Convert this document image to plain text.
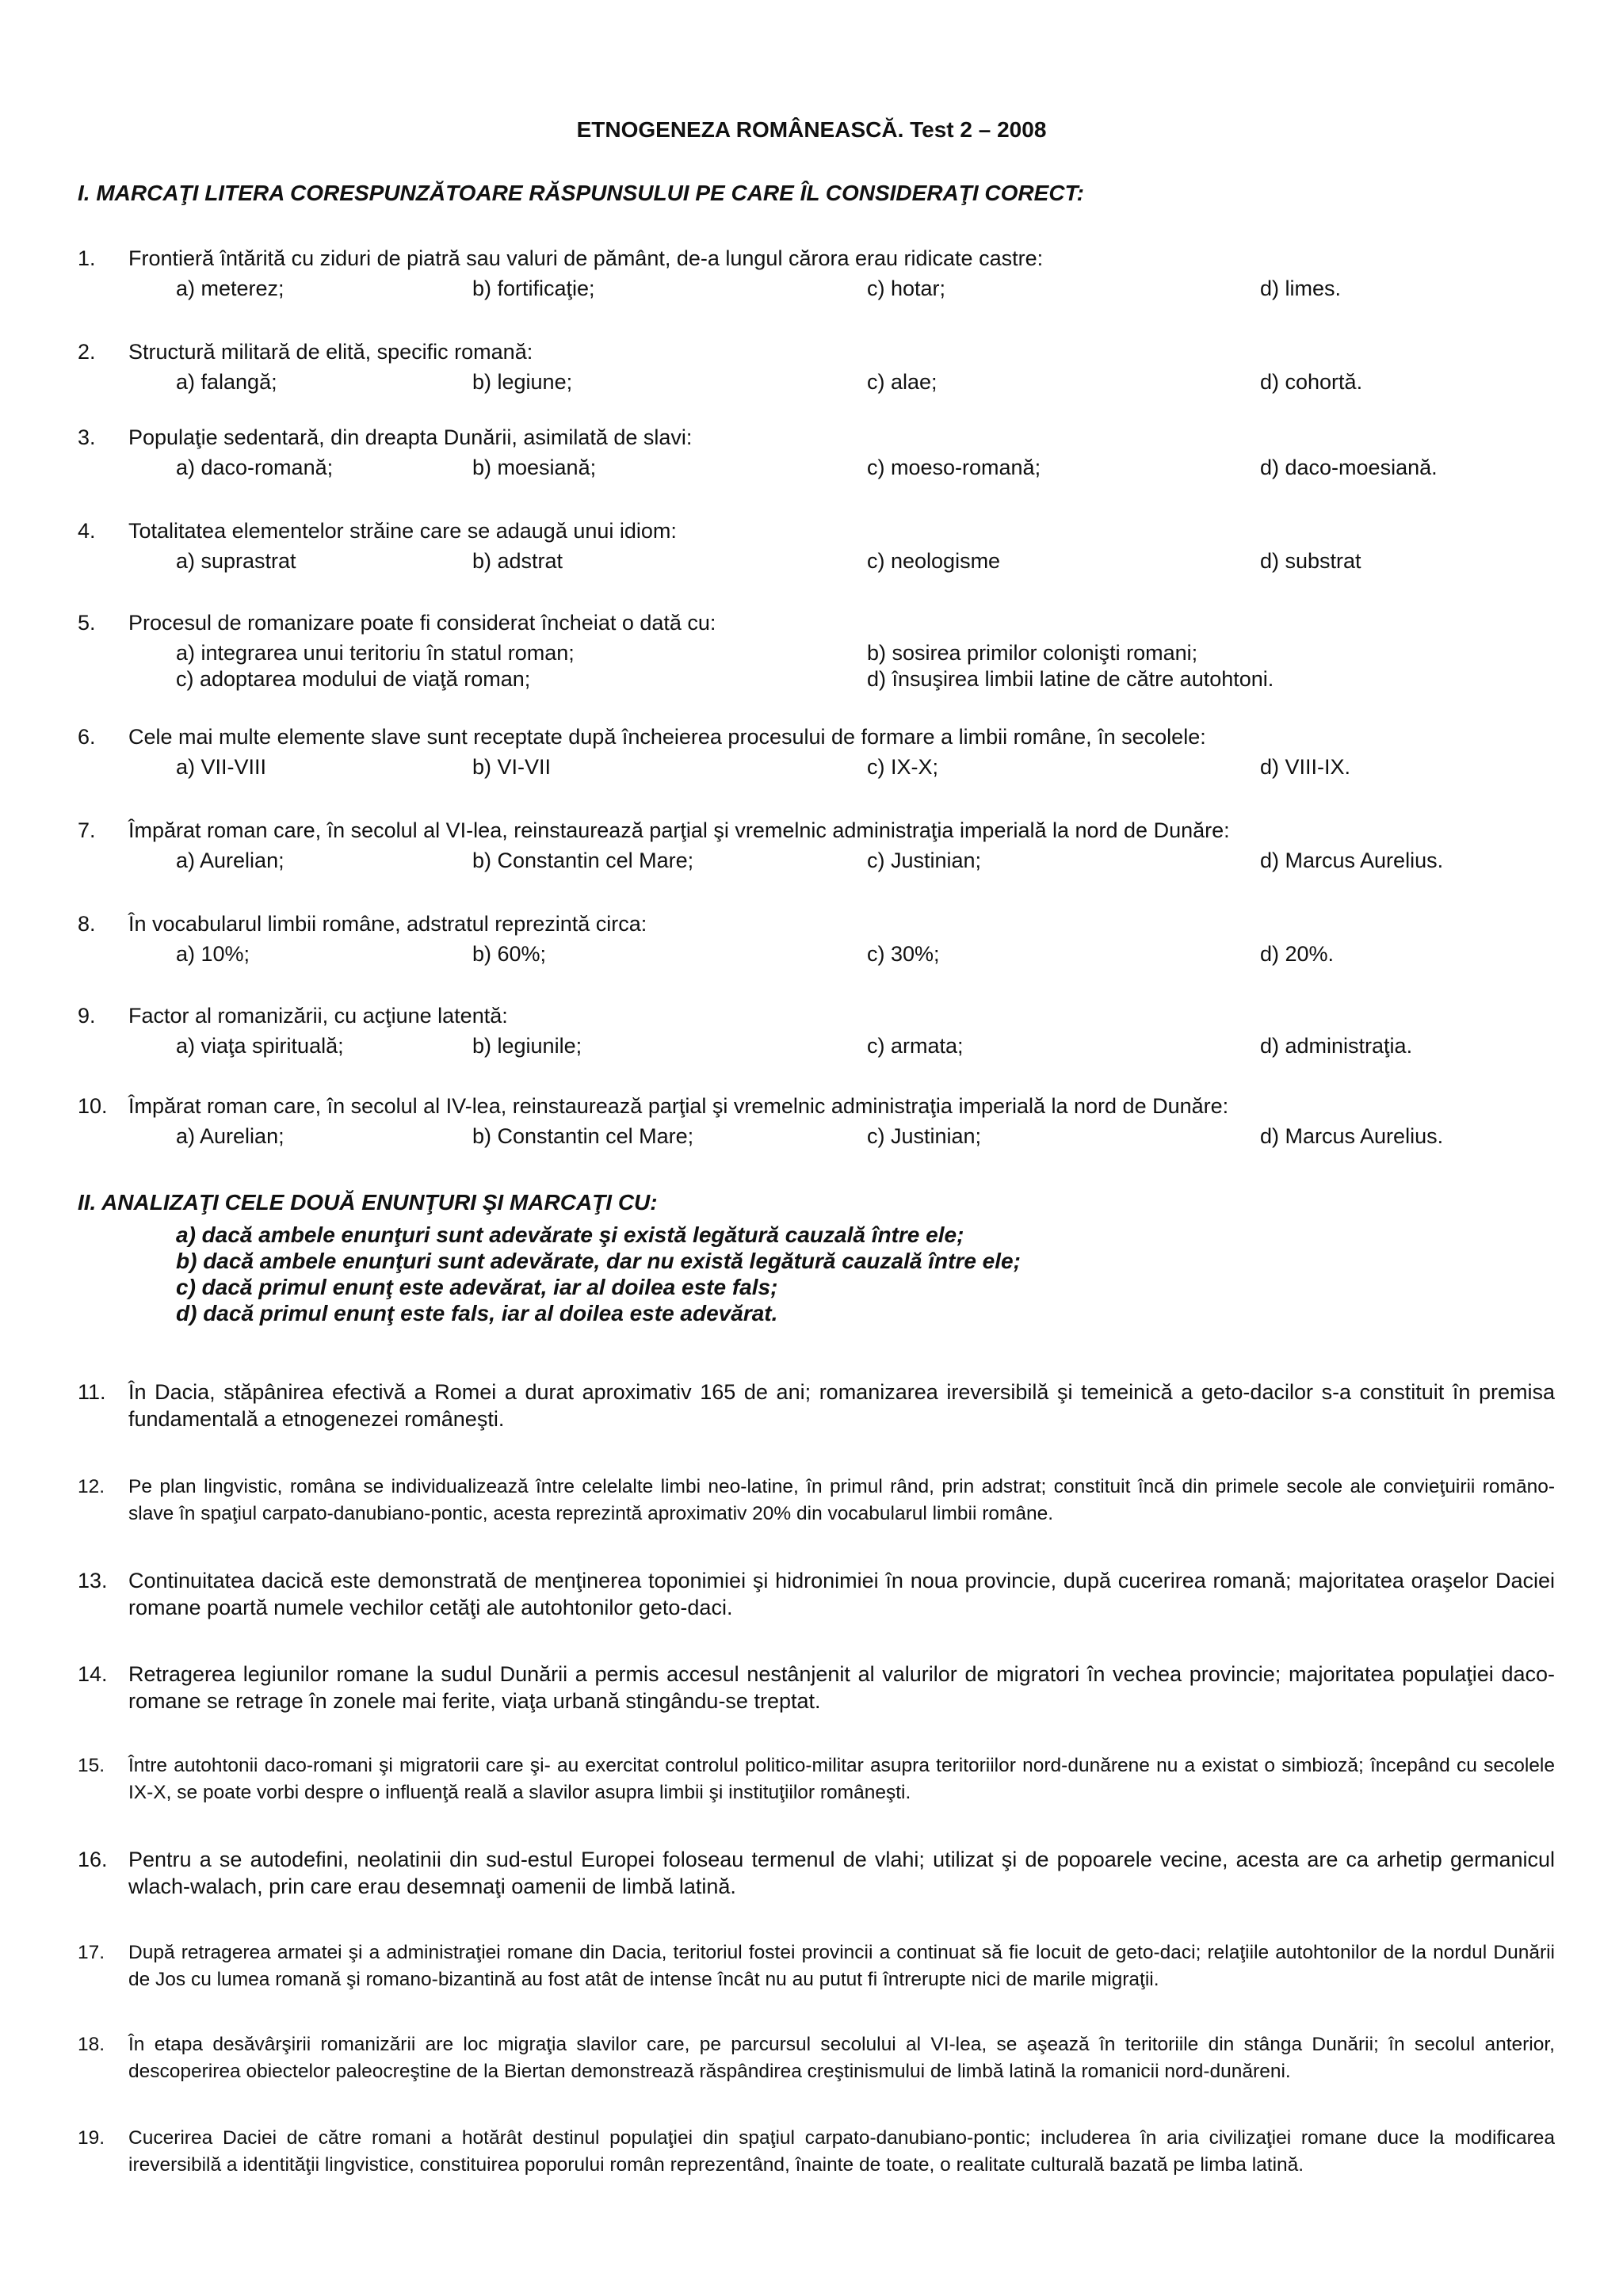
ETNOGENEZA ROMÂNEASCĂ. Test 2 – 2008
I. MARCAŢI LITERA CORESPUNZĂTOARE RĂSPUNSULUI PE CARE ÎL CONSIDERAŢI CORECT:
1. Frontieră întărită cu ziduri de piatră sau valuri de pământ, de-a lungul cărora erau ridicate castre:
a) meterez;	b) fortificaţie;	c) hotar;	d) limes.
2. Structură militară de elită, specific romană:
a) falangă;	b) legiune;	c) alae;	d) cohortă.
3. Populaţie sedentară, din dreapta Dunării, asimilată de slavi:
a) daco-romană;	b) moesiană;	c) moeso-romană;	d) daco-moesiană.
4. Totalitatea elementelor străine care se adaugă unui idiom:
a) suprastrat	b) adstrat	c) neologisme	d) substrat
5. Procesul de romanizare poate fi considerat încheiat o dată cu:
a) integrarea unui teritoriu în statul roman;	b) sosirea primilor colonişti romani;
c) adoptarea modului de viaţă roman;	d) însuşirea limbii latine de către autohtoni.
6. Cele mai multe elemente slave sunt receptate după încheierea procesului de formare a limbii române, în secolele:
a) VII-VIII	b) VI-VII	c) IX-X;	d) VIII-IX.
7. Împărat roman care, în secolul al VI-lea, reinstaurează parţial şi vremelnic administraţia imperială la nord de Dunăre:
a) Aurelian;	b) Constantin cel Mare;	c) Justinian;	d) Marcus Aurelius.
8. În vocabularul limbii române, adstratul reprezintă circa:
a) 10%;	b) 60%;	c) 30%;	d) 20%.
9. Factor al romanizării, cu acţiune latentă:
a) viaţa spirituală;	b) legiunile;	c) armata;	d) administraţia.
10. Împărat roman care, în secolul al IV-lea, reinstaurează parţial şi vremelnic administraţia imperială la nord de Dunăre:
a) Aurelian;	b) Constantin cel Mare;	c) Justinian;	d) Marcus Aurelius.
II. ANALIZAŢI CELE DOUĂ ENUNŢURI ŞI MARCAŢI CU:
a) dacă ambele enunţuri sunt adevărate şi există legătură cauzală între ele;
b) dacă ambele enunţuri sunt adevărate, dar nu există legătură cauzală între ele;
c) dacă primul enunţ este adevărat, iar al doilea este fals;
d) dacă primul enunţ este fals, iar al doilea este adevărat.
11. În Dacia, stăpânirea efectivă a Romei a durat aproximativ 165 de ani; romanizarea ireversibilă şi temeinică a geto-dacilor s-a constituit în premisa fundamentală a etnogenezei româneşti.
12. Pe plan lingvistic, româna se individualizează între celelalte limbi neo-latine, în primul rând, prin adstrat; constituit încă din primele secole ale convieţuirii romāno-slave în spaţiul carpato-danubiano-pontic, acesta reprezintă aproximativ 20% din vocabularul limbii române.
13. Continuitatea dacică este demonstrată de menţinerea toponimiei şi hidronimiei în noua provincie, după cucerirea romană; majoritatea oraşelor Daciei romane poartă numele vechilor cetăţi ale autohtonilor geto-daci.
14. Retragerea legiunilor romane la sudul Dunării a permis accesul nestânjenit al valurilor de migratori în vechea provincie; majoritatea populaţiei daco-romane se retrage în zonele mai ferite, viaţa urbană stingându-se treptat.
15. Între autohtonii daco-romani şi migratorii care şi- au exercitat controlul politico-militar asupra teritoriilor nord-dunărene nu a existat o simbioză; începând cu secolele IX-X, se poate vorbi despre o influenţă reală a slavilor asupra limbii şi instituţiilor româneşti.
16. Pentru a se autodefini, neolatinii din sud-estul Europei foloseau termenul de vlahi; utilizat şi de popoarele vecine, acesta are ca arhetip germanicul wlach-walach, prin care erau desemnaţi oamenii de limbă latină.
17. După retragerea armatei şi a administraţiei romane din Dacia, teritoriul fostei provincii a continuat să fie locuit de geto-daci; relaţiile autohtonilor de la nordul Dunării de Jos cu lumea romană şi romano-bizantină au fost atât de intense încât nu au putut fi întrerupte nici de marile migraţii.
18. În etapa desăvârşirii romanizării are loc migraţia slavilor care, pe parcursul secolului al VI-lea, se aşează în teritoriile din stânga Dunării; în secolul anterior, descoperirea obiectelor paleocreştine de la Biertan demonstrează răspândirea creştinismului de limbă latină la romanicii nord-dunăreni.
19. Cucerirea Daciei de către romani a hotărât destinul populaţiei din spaţiul carpato-danubiano-pontic; includerea în aria civilizaţiei romane duce la modificarea ireversibilă a identităţii lingvistice, constituirea poporului român reprezentând, înainte de toate, o realitate culturală bazată pe limba latină.
